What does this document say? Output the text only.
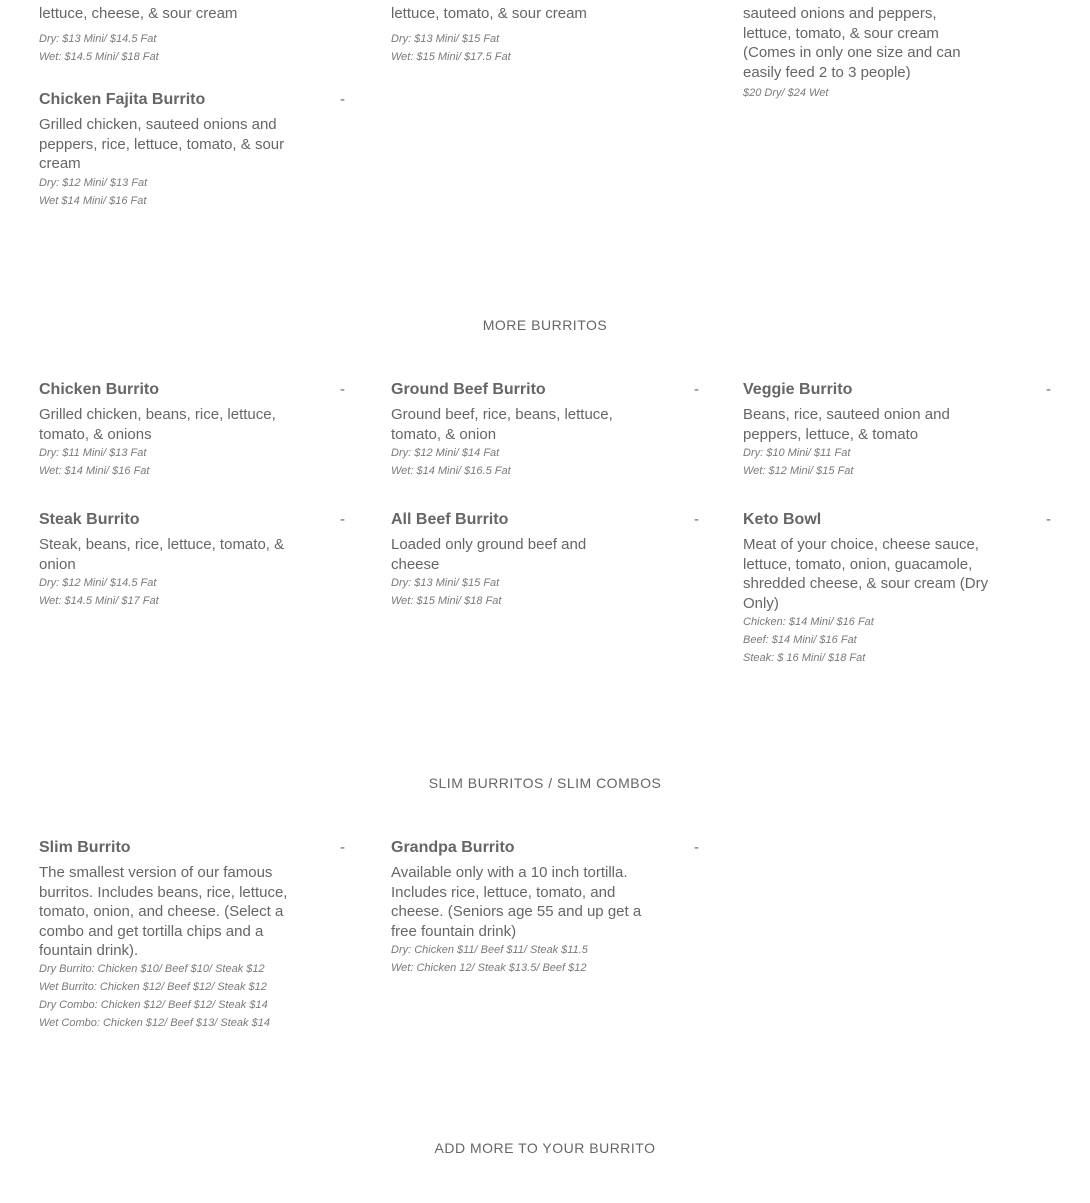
lettuce, cheese, & sour cream
Dry: $13 Mini/ $14.5 Fat
Wet: $14.5 Mini/ $18 Fat
lettuce, tomato, & sour cream
Dry: $13 Mini/ $15 Fat
Wet: $15 Mini/ $17.5 Fat
sauteed onions and peppers,
lettuce, tomato, & sour cream
(Comes in only one size and can
easily feed 2 to 3 people)
$20 Dry/ $24 Wet
Chicken Fajita Burrito	-
Grilled chicken, sauteed onions and peppers, rice, lettuce, tomato, & sour cream
Dry: $12 Mini/ $13 Fat
Wet $14 Mini/ $16 Fat
MORE BURRITOS
Chicken Burrito	-
Grilled chicken, beans, rice, lettuce, tomato, & onions
Dry: $11 Mini/ $13 Fat
Wet: $14 Mini/ $16 Fat
Ground Beef Burrito	-
Ground beef, rice, beans, lettuce, tomato, & onion
Dry: $12 Mini/ $14 Fat
Wet: $14 Mini/ $16.5 Fat
Veggie Burrito	-
Beans, rice, sauteed onion and peppers, lettuce, & tomato
Dry: $10 Mini/ $11 Fat
Wet: $12 Mini/ $15 Fat
Steak Burrito	-
Steak, beans, rice, lettuce, tomato, & onion
Dry: $12 Mini/ $14.5 Fat
Wet: $14.5 Mini/ $17 Fat
All Beef Burrito	-
Loaded only ground beef and cheese
Dry: $13 Mini/ $15 Fat
Wet: $15 Mini/ $18 Fat
Keto Bowl	-
Meat of your choice, cheese sauce, lettuce, tomato, onion, guacamole, shredded cheese, & sour cream (Dry Only)
Chicken: $14 Mini/ $16 Fat
Beef: $14 Mini/ $16 Fat
Steak: $ 16 Mini/ $18 Fat
SLIM BURRITOS / SLIM COMBOS
Slim Burrito	-
The smallest version of our famous burritos. Includes beans, rice, lettuce, tomato, onion, and cheese. (Select a combo and get tortilla chips and a fountain drink).
Dry Burrito: Chicken $10/ Beef $10/ Steak $12
Wet Burrito: Chicken $12/ Beef $12/ Steak $12
Dry Combo: Chicken $12/ Beef $12/ Steak $14
Wet Combo: Chicken $12/ Beef $13/ Steak $14
Grandpa Burrito	-
Available only with a 10 inch tortilla. Includes rice, lettuce, tomato, and cheese. (Seniors age 55 and up get a free fountain drink)
Dry: Chicken $11/ Beef $11/ Steak $11.5
Wet: Chicken 12/ Steak $13.5/ Beef $12
ADD MORE TO YOUR BURRITO
